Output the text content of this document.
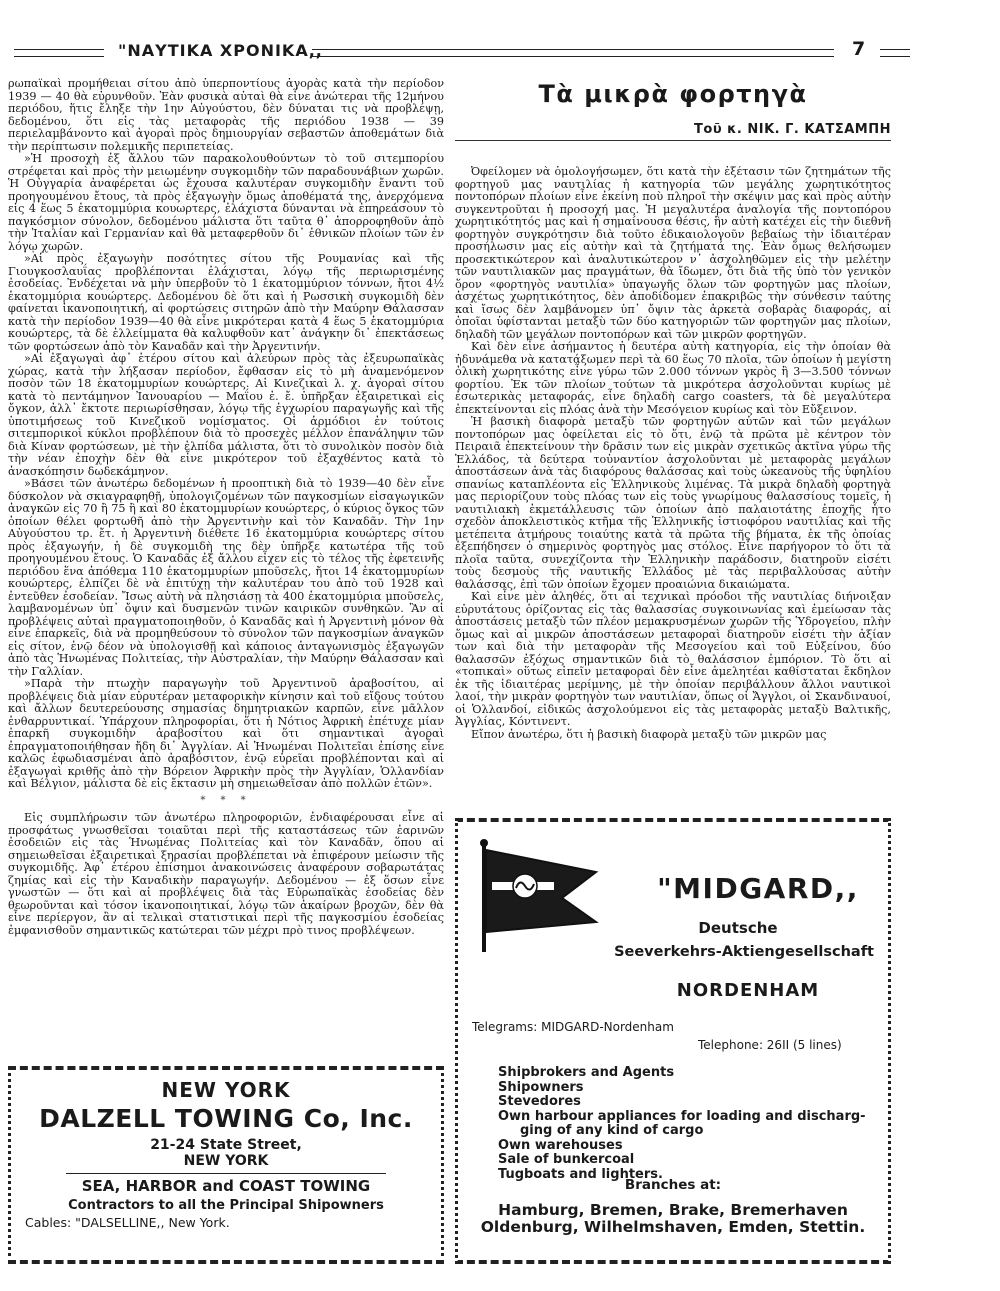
"ΝΑΥΤΙΚΑ ΧΡΟΝΙΚΑ,,	7

ρωπαϊκαὶ προμήθειαι σίτου ἀπὸ ὑπερποντίους ἀγορὰς κατὰ τὴν περίοδον 1939 — 40 θὰ εὐρυνθοῦν. Ἐὰν φυσικὰ αὐταὶ θὰ εἶνε ἀνώτεραι τῆς 12μήνου περιόδου, ἥτις ἔληξε τὴν 1ην Αὐγούστου, δὲν δύναται τις νὰ προβλέψῃ, δεδομένου, ὅτι εἰς τὰς μεταφορὰς τῆς περιόδου 1938 — 39 περιελαμβάνοντο καὶ ἀγοραὶ πρὸς δημιουργίαν σεβαστῶν ἀποθεμάτων διὰ τὴν περίπτωσιν πολεμικῆς περιπετείας.

»Ἡ προσοχὴ ἐξ ἄλλου τῶν παρακολουθούντων τὸ τοῦ σιτεμπορίου στρέφεται καὶ πρὸς τὴν μειωμένην συγκομιδὴν τῶν παραδουνάβιων χωρῶν. Ἡ Οὐγγαρία ἀναφέρεται ὡς ἔχουσα καλυτέραν συγκομιδὴν ἔναντι τοῦ προηγουμένου ἔτους, τὰ πρὸς ἐξαγωγὴν ὅμως ἀποθέματά της, ἀνερχόμενα εἰς 4 ἕως 5 ἑκατομμύρια κουωρτερς, ἐλάχιστα δύνανται νὰ ἐπηρεάσουν τὸ παγκόσμιον σύνολον, δεδομένου μάλιστα ὅτι ταῦτα θ᾽ ἀπορροφηθοῦν ἀπὸ τὴν Ἰταλίαν καὶ Γερμανίαν καὶ θὰ μεταφερθοῦν δι᾽ ἐθνικῶν πλοίων τῶν ἐν λόγῳ χωρῶν.

»Αἱ πρὸς ἐξαγωγὴν ποσότητες σίτου τῆς Ρουμανίας καὶ τῆς Γιουγκοσλαυΐας προβλέπονται ἐλάχισται, λόγῳ τῆς περιωρισμένης ἐσοδείας. Ἐνδέχεται νὰ μὴν ὑπερβοῦν τὸ 1 ἑκατομμύριον τόννων, ἤτοι 4½ ἑκατομμύρια κουώρτερς. Δεδομένου δὲ ὅτι καὶ ἡ Ρωσσικὴ συγκομιδὴ δὲν φαίνεται ἱκανοποιητική, αἱ φορτώσεις σιτηρῶν ἀπὸ τὴν Μαύρην Θάλασσαν κατὰ τὴν περίοδον 1939—40 θὰ εἶνε μικρότεραι κατὰ 4 ἕως 5 ἑκατομμύρια κουώρτερς, τὰ δὲ ἐλλείμματα θὰ καλυφθοῦν κατ᾽ ἀνάγκην δι᾽ ἐπεκτάσεως τῶν φορτώσεων ἀπὸ τὸν Καναδᾶν καὶ τὴν Ἀργεντινήν.

»Αἱ ἐξαγωγαὶ ἀφ᾽ ἑτέρου σίτου καὶ ἀλεύρων πρὸς τὰς ἐξευρωπαϊκὰς χώρας, κατὰ τὴν λήξασαν περίοδον, ἔφθασαν εἰς τὸ μὴ ἀναμενόμενον ποσὸν τῶν 18 ἑκατομμυρίων κουώρτερς. Αἱ Κινεζικαὶ λ. χ. ἀγοραὶ σίτου κατὰ τὸ πεντάμηνον Ἰανουαρίου — Μαΐου ἐ. ἔ. ὑπῆρξαν ἐξαιρετικαὶ εἰς ὄγκον, ἀλλ᾽ ἔκτοτε περιωρίσθησαν, λόγῳ τῆς ἐγχωρίου παραγωγῆς καὶ τῆς ὑποτιμήσεως τοῦ Κινεζικοῦ νομίσματος. Οἱ ἁρμόδιοι ἐν τούτοις σιτεμπορικοὶ κύκλοι προβλέπουν διὰ τὸ προσεχὲς μέλλον ἐπανάληψιν τῶν διὰ Κίναν φορτώσεων, μὲ τὴν ἐλπίδα μάλιστα, ὅτι τὸ συνολικὸν ποσὸν διὰ τὴν νέαν ἐποχὴν δὲν θὰ εἶνε μικρότερον τοῦ ἐξαχθέντος κατὰ τὸ ἀνασκόπησιν δωδεκάμηνον.

»Βάσει τῶν ἀνωτέρω δεδομένων ἡ προοπτικὴ διὰ τὸ 1939—40 δὲν εἶνε δύσκολον νὰ σκιαγραφηθῇ, ὑπολογιζομένων τῶν παγκοσμίων εἰσαγωγικῶν ἀναγκῶν εἰς 70 ἢ 75 ἢ καὶ 80 ἑκατομμυρίων κουώρτερς, ὁ κύριος ὄγκος τῶν ὁποίων θέλει φορτωθῆ ἀπὸ τὴν Ἀργεντινὴν καὶ τὸν Καναδᾶν. Τὴν 1ην Αὐγούστου τρ. ἔτ. ἡ Ἀργεντινὴ διέθετε 16 ἑκατομμύρια κουώρτερς σίτου πρὸς ἐξαγωγήν, ἡ δὲ συγκομιδὴ της δὲν ὑπῆρξε κατωτέρα τῆς τοῦ προηγουμένου ἔτους. Ὁ Καναδᾶς ἐξ ἄλλου εἶχεν εἰς τὸ τέλος τῆς ἐφετεινῆς περιόδου ἕνα ἀπόθεμα 110 ἑκατομμυρίων μποῦσελς, ἤτοι 14 ἑκατομμυρίων κουώρτερς, ἐλπίζει δὲ νὰ ἐπιτύχῃ τὴν καλυτέραν του ἀπὸ τοῦ 1928 καὶ ἐντεῦθεν ἐσοδείαν. Ἴσως αὐτὴ νὰ πλησιάσῃ τὰ 400 ἑκατομμύρια μποῦσελς, λαμβανομένων ὑπ᾽ ὄψιν καὶ δυσμενῶν τινῶν καιρικῶν συνθηκῶν. Ἂν αἱ προβλέψεις αὐταὶ πραγματοποιηθοῦν, ὁ Καναδᾶς καὶ ἡ Ἀργεντινὴ μόνον θὰ εἶνε ἐπαρκεῖς, διὰ νὰ προμηθεύσουν τὸ σύνολον τῶν παγκοσμίων ἀναγκῶν εἰς σίτον, ἐνῷ δέον νὰ ὑπολογισθῇ καὶ κάποιος ἀνταγωνισμὸς ἐξαγωγῶν ἀπὸ τὰς Ἡνωμένας Πολιτείας, τὴν Αὐστραλίαν, τὴν Μαύρην Θάλασσαν καὶ τὴν Γαλλίαν.

»Παρὰ τὴν πτωχὴν παραγωγὴν τοῦ Ἀργεντινοῦ ἀραβοσίτου, αἱ προβλέψεις διὰ μίαν εὐρυτέραν μεταφορικὴν κίνησιν καὶ τοῦ εἴδους τούτου καὶ ἄλλων δευτερεύουσης σημασίας δημητριακῶν καρπῶν, εἶνε μᾶλλον ἐνθαρρυντικαί. Ὑπάρχουν πληροφορίαι, ὅτι ἡ Νότιος Ἀφρικὴ ἐπέτυχε μίαν ἐπαρκῆ συγκομιδὴν ἀραβοσίτου καὶ ὅτι σημαντικαὶ ἀγοραὶ ἐπραγματοποιήθησαν ἤδη δι᾽ Ἀγγλίαν. Αἱ Ἡνωμέναι Πολιτεῖαι ἐπίσης εἶνε καλῶς ἐφωδιασμέναι ἀπὸ ἀραβόσιτον, ἐνῷ εὐρεῖαι προβλέπονται καὶ αἱ ἐξαγωγαὶ κριθῆς ἀπὸ τὴν Βόρειον Ἀφρικὴν πρὸς τὴν Ἀγγλίαν, Ὁλλανδίαν καὶ Βέλγιον, μάλιστα δὲ εἰς ἔκτασιν μὴ σημειωθεῖσαν ἀπὸ πολλῶν ἐτῶν».

* * *

Εἰς συμπλήρωσιν τῶν ἀνωτέρω πληροφοριῶν, ἐνδιαφέρουσαι εἶνε αἱ προσφάτως γνωσθεῖσαι τοιαῦται περὶ τῆς καταστάσεως τῶν ἐαρινῶν ἐσοδειῶν εἰς τὰς Ἡνωμένας Πολιτείας καὶ τὸν Καναδᾶν, ὅπου αἱ σημειωθεῖσαι ἐξαιρετικαὶ ξηρασίαι προβλέπεται νὰ ἐπιφέρουν μείωσιν τῆς συγκομιδῆς. Ἀφ᾽ ἑτέρου ἐπίσημοι ἀνακοινώσεις ἀναφέρουν σοβαρωτάτας ζημίας καὶ εἰς τὴν Καναδικὴν παραγωγήν. Δεδομένου — ἐξ ὅσων εἶνε γνωστῶν — ὅτι καὶ αἱ προβλέψεις διὰ τὰς Εὐρωπαϊκὰς ἐσοδείας δὲν θεωροῦνται καὶ τόσον ἱκανοποιητικαί, λόγῳ τῶν ἀκαίρων βροχῶν, δὲν θὰ εἶνε περίεργον, ἂν αἱ τελικαὶ στατιστικαὶ περὶ τῆς παγκοσμίου ἐσοδείας ἐμφανισθοῦν σημαντικῶς κατώτεραι τῶν μέχρι πρὸ τινος προβλέψεων.

Τὰ μικρὰ φορτηγὰ
Τοῦ κ. ΝΙΚ. Γ. ΚΑΤΣΑΜΠΗ

Ὀφείλομεν νὰ ὁμολογήσωμεν, ὅτι κατὰ τὴν ἐξέτασιν τῶν ζητημάτων τῆς φορτηγοῦ μας ναυτιλίας ἡ κατηγορία τῶν μεγάλης χωρητικότητος ποντοπόρων πλοίων εἶνε ἐκείνη ποὺ πληροῖ τὴν σκέψιν μας καὶ πρὸς αὐτὴν συγκεντροῦται ἡ προσοχή μας. Ἡ μεγαλυτέρα ἀναλογία τῆς ποντοπόρου χωρητικότητός μας καὶ ἡ σημαίνουσα θέσις, ἣν αὐτὴ κατέχει εἰς τὴν διεθνῆ φορτηγὸν συγκρότησιν διὰ τοῦτο ἐδικαιολογοῦν βεβαίως τὴν ἰδιαιτέραν προσήλωσιν μας εἰς αὐτὴν καὶ τὰ ζητήματά της. Ἐὰν ὅμως θελήσωμεν προσεκτικώτερον καὶ ἀναλυτικώτερον ν᾽ ἀσχοληθῶμεν εἰς τὴν μελέτην τῶν ναυτιλιακῶν μας πραγμάτων, θὰ ἴδωμεν, ὅτι διὰ τῆς ὑπὸ τὸν γενικὸν ὅρον «φορτηγὸς ναυτιλία» ὑπαγωγῆς ὅλων τῶν φορτηγῶν μας πλοίων, ἀσχέτως χωρητικότητος, δὲν ἀποδίδομεν ἐπακριβῶς τὴν σύνθεσιν ταύτης καὶ ἴσως δὲν λαμβάνομεν ὑπ᾽ ὄψιν τὰς ἀρκετὰ σοβαρὰς διαφοράς, αἱ ὁποῖαι ὑφίστανται μεταξὺ τῶν δύο κατηγοριῶν τῶν φορτηγῶν μας πλοίων, δηλαδὴ τῶν μεγάλων ποντοπόρων καὶ τῶν μικρῶν φορτηγῶν.

Καὶ δὲν εἶνε ἀσήμαντος ἡ δευτέρα αὐτὴ κατηγορία, εἰς τὴν ὁποίαν θὰ ἠδυνάμεθα νὰ κατατάξωμεν περὶ τὰ 60 ἕως 70 πλοῖα, τῶν ὁποίων ἡ μεγίστη ὁλικὴ χωρητικότης εἶνε γύρω τῶν 2.000 τόννων γκρὸς ἢ 3—3.500 τόννων φορτίου. Ἐκ τῶν πλοίων τούτων τὰ μικρότερα ἀσχολοῦνται κυρίως μὲ ἐσωτερικὰς μεταφοράς, εἶνε δηλαδὴ cargo coasters, τὰ δὲ μεγαλύτερα ἐπεκτείνονται εἰς πλόας ἀνὰ τὴν Μεσόγειον κυρίως καὶ τὸν Εὔξεινον.

Ἡ βασικὴ διαφορὰ μεταξὺ τῶν φορτηγῶν αὐτῶν καὶ τῶν μεγάλων ποντοπόρων μας ὀφείλεται εἰς τὸ ὅτι, ἐνῷ τὰ πρῶτα μὲ κέντρον τὸν Πειραιᾶ ἐπεκτείνουν τὴν δρᾶσιν των εἰς μικρὰν σχετικῶς ἀκτῖνα γύρω τῆς Ἑλλάδος, τὰ δεύτερα τοὐναντίον ἀσχολοῦνται μὲ μεταφορὰς μεγάλων ἀποστάσεων ἀνὰ τὰς διαφόρους θαλάσσας καὶ τοὺς ὠκεανοὺς τῆς ὑφηλίου σπανίως καταπλέοντα εἰς Ἑλληνικοὺς λιμένας. Τὰ μικρὰ δηλαδὴ φορτηγὰ μας περιορίζουν τοὺς πλόας των εἰς τοὺς γνωρίμους θαλασσίους τομεῖς, ἡ ναυτιλιακὴ ἐκμετάλλευσις τῶν ὁποίων ἀπὸ παλαιοτάτης ἐποχῆς ἦτο σχεδὸν ἀποκλειστικὸς κτῆμα τῆς Ἑλληνικῆς ἱστιοφόρου ναυτιλίας καὶ τῆς μετέπειτα ἀτμήρους τοιαύτης κατὰ τὰ πρῶτα τῆς βήματα, ἐκ τῆς ὁποίας ἐξεπήδησεν ὁ σημερινὸς φορτηγὸς μας στόλος. Εἶνε παρήγορον τὸ ὅτι τὰ πλοῖα ταῦτα, συνεχίζοντα τὴν Ἑλληνικὴν παράδοσιν, διατηροῦν εἰσέτι τοὺς δεσμοὺς τῆς ναυτικῆς Ἑλλάδος μὲ τὰς περιβαλλούσας αὐτὴν θαλάσσας, ἐπὶ τῶν ὁποίων ἔχομεν προαιώνια δικαιώματα.

Καὶ εἶνε μὲν ἀληθές, ὅτι αἱ τεχνικαὶ πρόοδοι τῆς ναυτιλίας διήνοιξαν εὐρυτάτους ὁρίζοντας εἰς τὰς θαλασσίας συγκοινωνίας καὶ ἐμείωσαν τὰς ἀποστάσεις μεταξὺ τῶν πλέον μεμακρυσμένων χωρῶν τῆς Ὑδρογείου, πλὴν ὅμως καὶ αἱ μικρῶν ἀποστάσεων μεταφοραὶ διατηροῦν εἰσέτι τὴν ἀξίαν των καὶ διὰ τὴν μεταφορὰν τῆς Μεσογείου καὶ τοῦ Εὐξείνου, δύο θαλασσῶν ἐξόχως σημαντικῶν διὰ τὸ θαλάσσιον ἐμπόριον. Τὸ ὅτι αἱ «τοπικαὶ» οὕτως εἰπεῖν μεταφοραὶ δὲν εἶνε ἀμελητέαι καθίσταται ἔκδηλον ἐκ τῆς ἰδιαιτέρας μερίμνης, μὲ τὴν ὁποίαν περιβάλλουν ἄλλοι ναυτικοὶ λαοί, τὴν μικρὰν φορτηγὸν των ναυτιλίαν, ὅπως οἱ Ἄγγλοι, οἱ Σκανδιναυοί, οἱ Ὁλλανδοί, εἰδικῶς ἀσχολούμενοι εἰς τὰς μεταφορὰς μεταξὺ Βαλτικῆς, Ἀγγλίας, Κόντινεντ.

Εἴπον ἀνωτέρω, ὅτι ἡ βασικὴ διαφορὰ μεταξὺ τῶν μικρῶν μας

NEW YORK
DALZELL TOWING Co, Inc.
21-24 State Street,
NEW YORK
SEA, HARBOR and COAST TOWING
Contractors to all the Principal Shipowners
Cables: "DALSELLINE,, New York.
"MIDGARD,,
Deutsche
Seeverkehrs-Aktiengesellschaft
NORDENHAM
Telegrams: MIDGARD-Nordenham
Telephone: 26II (5 lines)
Shipbrokers and Agents
Shipowners
Stevedores
Own harbour appliances for loading and discharg-
ging of any kind of cargo
Own warehouses
Sale of bunkercoal
Tugboats and lighters.
Branches at:
Hamburg, Bremen, Brake, Bremerhaven
Oldenburg, Wilhelmshaven, Emden, Stettin.
